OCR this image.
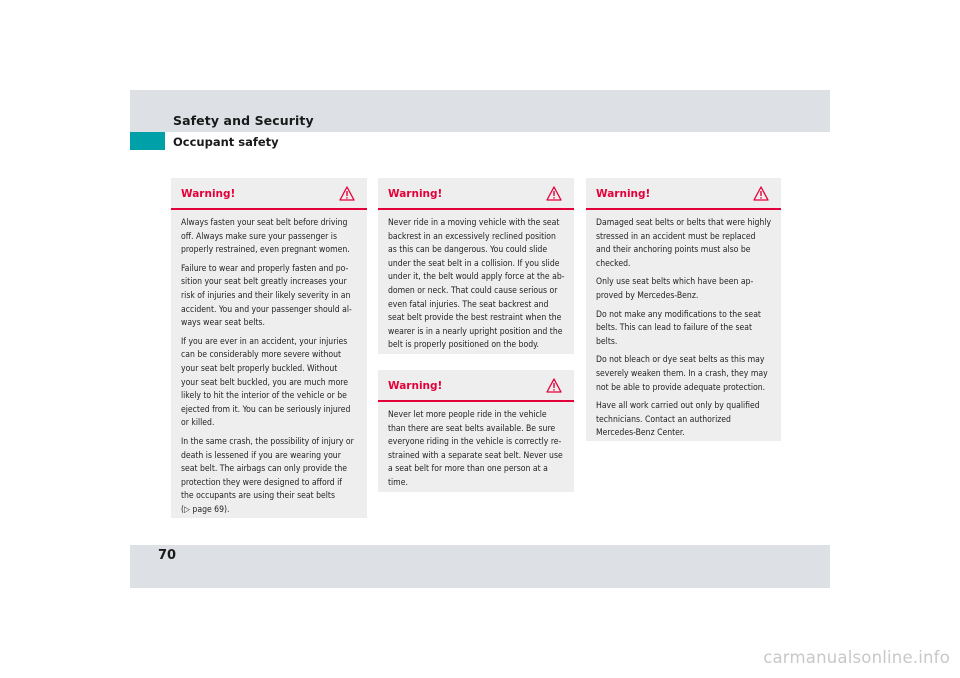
Safety and Security
Occupant safety
Warning!

Always fasten your seat belt before driving
off. Always make sure your passenger is
properly restrained, even pregnant women.

Failure to wear and properly fasten and po-
sition your seat belt greatly increases your
risk of injuries and their likely severity in an
accident. You and your passenger should al-
ways wear seat belts.

If you are ever in an accident, your injuries
can be considerably more severe without
your seat belt properly buckled. Without
your seat belt buckled, you are much more
likely to hit the interior of the vehicle or be
ejected from it. You can be seriously injured
or killed.

In the same crash, the possibility of injury or
death is lessened if you are wearing your
seat belt. The airbags can only provide the
protection they were designed to afford if
the occupants are using their seat belts
(▷ page 69).

Warning!

Never ride in a moving vehicle with the seat
backrest in an excessively reclined position
as this can be dangerous. You could slide
under the seat belt in a collision. If you slide
under it, the belt would apply force at the ab-
domen or neck. That could cause serious or
even fatal injuries. The seat backrest and
seat belt provide the best restraint when the
wearer is in a nearly upright position and the
belt is properly positioned on the body.

Warning!

Never let more people ride in the vehicle
than there are seat belts available. Be sure
everyone riding in the vehicle is correctly re-
strained with a separate seat belt. Never use
a seat belt for more than one person at a
time.

Warning!

Damaged seat belts or belts that were highly
stressed in an accident must be replaced
and their anchoring points must also be
checked.

Only use seat belts which have been ap-
proved by Mercedes-Benz.

Do not make any modifications to the seat
belts. This can lead to failure of the seat
belts.

Do not bleach or dye seat belts as this may
severely weaken them. In a crash, they may
not be able to provide adequate protection.

Have all work carried out only by qualified
technicians. Contact an authorized
Mercedes-Benz Center.

70
carmanualsonline.info
